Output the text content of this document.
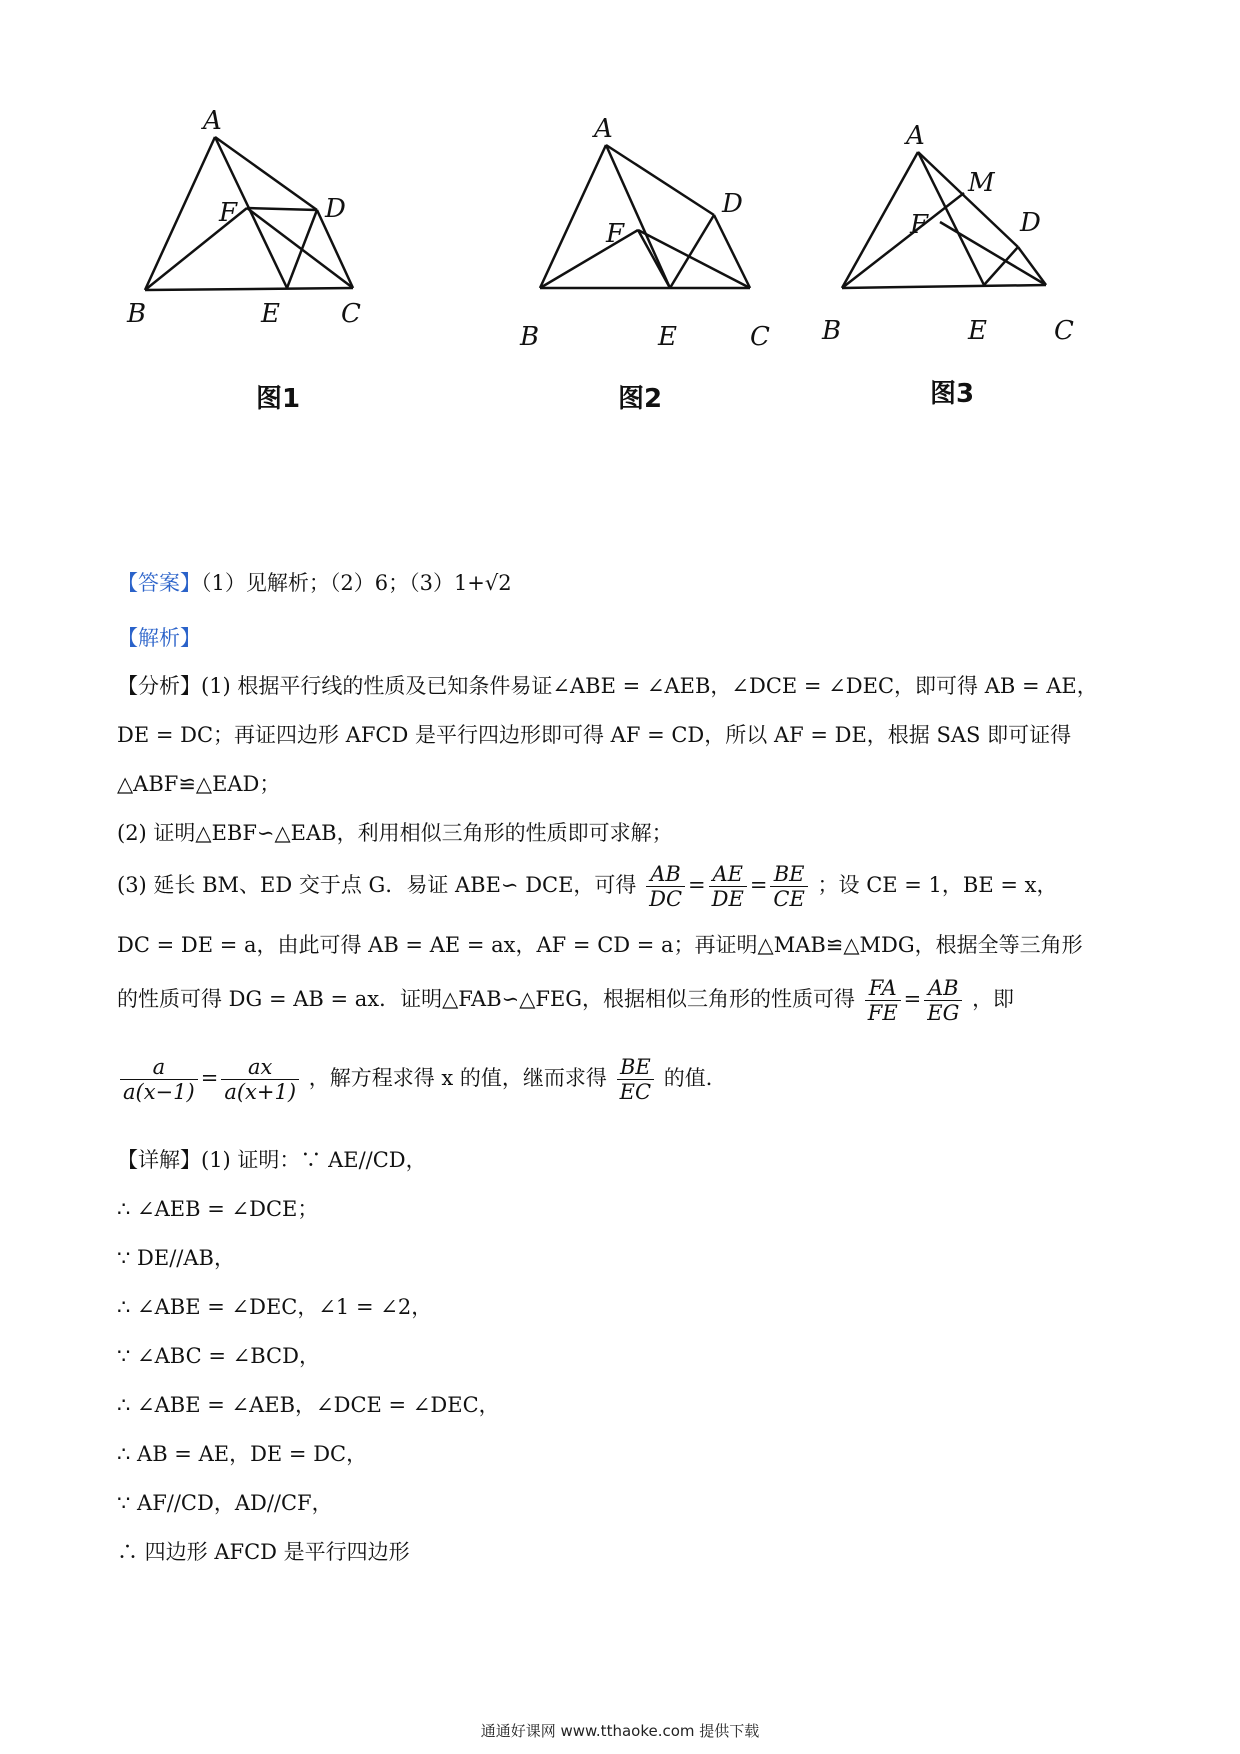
A
B	C
D
E
F
图1
A
B	C
D
E
F
图2
A
M
D
F
B	E	C
图3
【答案】（1）见解析；（2）6；（3）1+√2
【解析】
【分析】(1) 根据平行线的性质及已知条件易证∠ABE = ∠AEB，∠DCE = ∠DEC，即可得 AB = AE，
DE = DC；再证四边形 AFCD 是平行四边形即可得 AF = CD，所以 AF = DE，根据 SAS 即可证得
△ABF≌△EAD；
(2) 证明△EBF∽△EAB，利用相似三角形的性质即可求解；
(3) 延长 BM、ED 交于点 G．易证 ABE∽ DCE，可得 $\frac{AB}{DC} = \frac{AE}{DE} = \frac{BE}{CE}$ ；设 CE = 1，BE = x，
DC = DE = a，由此可得 AB = AE = ax，AF = CD = a；再证明△MAB≌△MDG，根据全等三角形
的性质可得 DG = AB = ax．证明△FAB∽△FEG，根据相似三角形的性质可得 $\frac{FA}{FE} = \frac{AB}{EG}$ ，即
$\frac{a}{a(x-1)} = \frac{ax}{a(x+1)}$ ，解方程求得 x 的值，继而求得 $\frac{BE}{EC}$ 的值．
【详解】(1) 证明：∵ AE//CD，
∴ ∠AEB = ∠DCE；
∵ DE//AB，
∴ ∠ABE = ∠DEC，∠1 = ∠2，
∵ ∠ABC = ∠BCD，
∴ ∠ABE = ∠AEB，∠DCE = ∠DEC，
∴ AB = AE，DE = DC，
∵ AF//CD，AD//CF，
∴ 四边形 AFCD 是平行四边形
通通好课网 www.tthaoke.com 提供下载
